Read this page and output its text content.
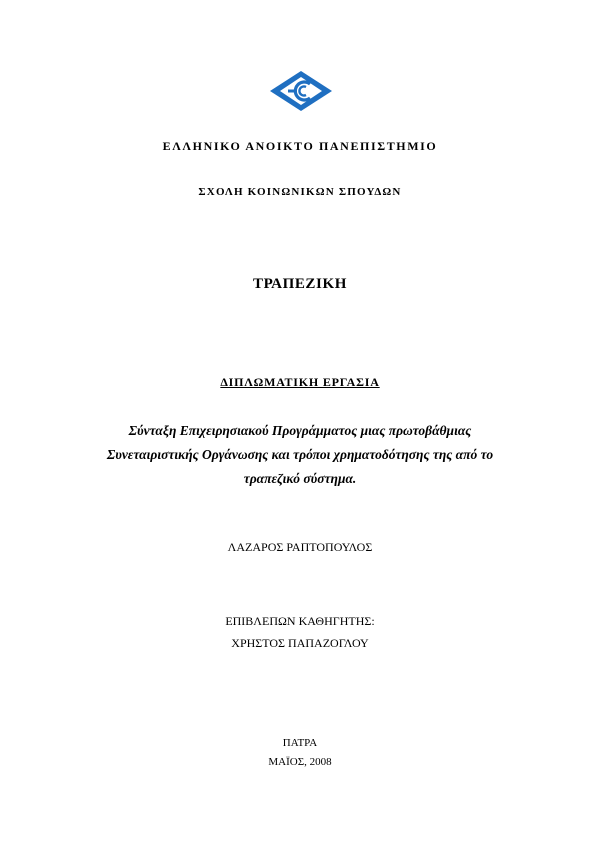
ΕΛΛΗΝΙΚΟ ΑΝΟΙΚΤΟ ΠΑΝΕΠΙΣΤΗΜΙΟ
ΣΧΟΛΗ ΚΟΙΝΩΝΙΚΩΝ ΣΠΟΥΔΩΝ
ΤΡΑΠΕΖΙΚΗ
ΔΙΠΛΩΜΑΤΙΚΗ ΕΡΓΑΣΙΑ
Σύνταξη Επιχειρησιακού Προγράμματος μιας πρωτοβάθμιας
Συνεταιριστικής Οργάνωσης και τρόποι χρηματοδότησης της από το
τραπεζικό σύστημα.
ΛΑΖΑΡΟΣ ΡΑΠΤΟΠΟΥΛΟΣ
ΕΠΙΒΛΕΠΩΝ ΚΑΘΗΓΗΤΗΣ:
ΧΡΗΣΤΟΣ ΠΑΠΑΖΟΓΛΟΥ
ΠΑΤΡΑ
ΜΑΪΟΣ, 2008
